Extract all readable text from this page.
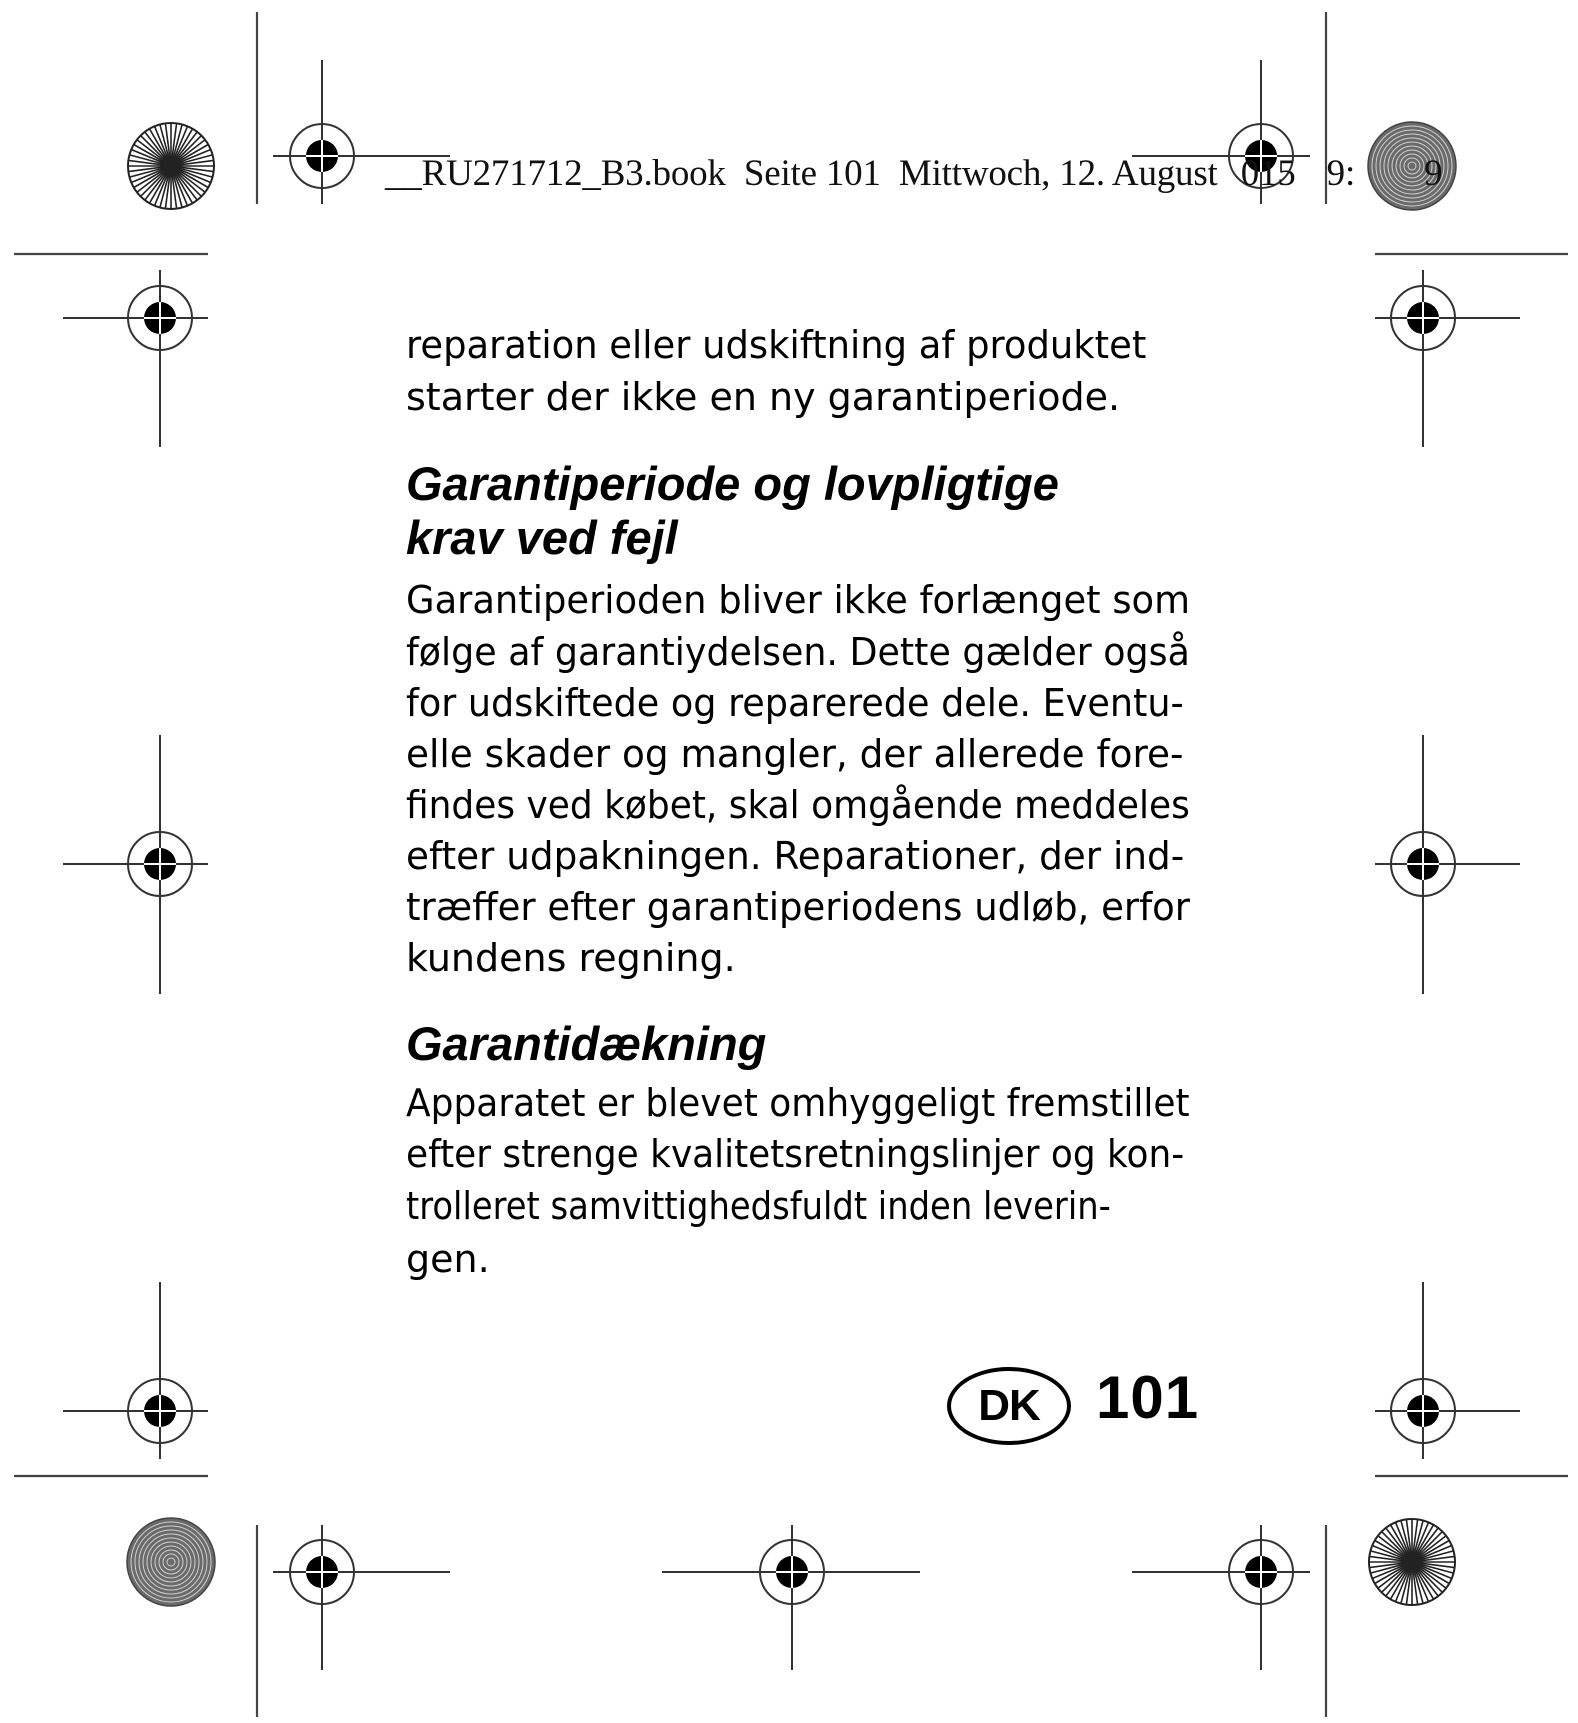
__RU271712_B3.book Seite 101 Mittwoch, 12. August 015 9: 9
reparation eller udskiftning af produktet
starter der ikke en ny garantiperiode.
Garantiperiode og lovpligtige
krav ved fejl
Garantiperioden bliver ikke forlænget som
følge af garantiydelsen. Dette gælder også
for udskiftede og reparerede dele. Eventu-
elle skader og mangler, der allerede fore-
findes ved købet, skal omgående meddeles
efter udpakningen. Reparationer, der ind-
træffer efter garantiperiodens udløb, erfor
kundens regning.
Garantidækning
Apparatet er blevet omhyggeligt fremstillet
efter strenge kvalitetsretningslinjer og kon-
trolleret samvittighedsfuldt inden leverin-
gen.
DK 101
